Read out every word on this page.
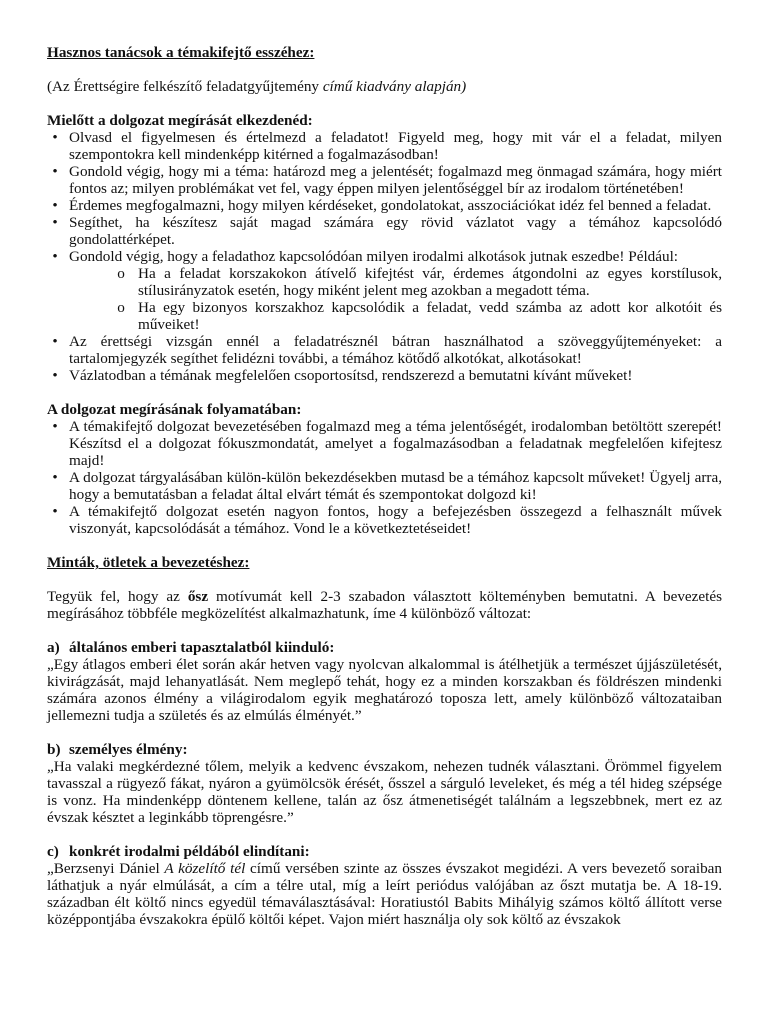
Hasznos tanácsok a témakifejtő esszéhez:

(Az Érettségire felkészítő feladatgyűjtemény című kiadvány alapján)

Mielőtt a dolgozat megírását elkezdenéd:

• Olvasd el figyelmesen és értelmezd a feladatot! Figyeld meg, hogy mit vár el a feladat, milyen szempontokra kell mindenképp kitérned a fogalmazásodban!
• Gondold végig, hogy mi a téma: határozd meg a jelentését; fogalmazd meg önmagad számára, hogy miért fontos az; milyen problémákat vet fel, vagy éppen milyen jelentőséggel bír az irodalom történetében!
• Érdemes megfogalmazni, hogy milyen kérdéseket, gondolatokat, asszociációkat idéz fel benned a feladat.
• Segíthet, ha készítesz saját magad számára egy rövid vázlatot vagy a témához kapcsolódó gondolattérképet.
• Gondold végig, hogy a feladathoz kapcsolódóan milyen irodalmi alkotások jutnak eszedbe! Például:
o Ha a feladat korszakokon átívelő kifejtést vár, érdemes átgondolni az egyes korstílusok, stílusirányzatok esetén, hogy miként jelent meg azokban a megadott téma.
o Ha egy bizonyos korszakhoz kapcsolódik a feladat, vedd számba az adott kor alkotóit és műveiket!
• Az érettségi vizsgán ennél a feladatrésznél bátran használhatod a szöveggyűjteményeket: a tartalomjegyzék segíthet felidézni további, a témához kötődő alkotókat, alkotásokat!
• Vázlatodban a témának megfelelően csoportosítsd, rendszerezd a bemutatni kívánt műveket!

A dolgozat megírásának folyamatában:

• A témakifejtő dolgozat bevezetésében fogalmazd meg a téma jelentőségét, irodalomban betöltött szerepét! Készítsd el a dolgozat fókuszmondatát, amelyet a fogalmazásodban a feladatnak megfelelően kifejtesz majd!
• A dolgozat tárgyalásában külön-külön bekezdésekben mutasd be a témához kapcsolt műveket! Ügyelj arra, hogy a bemutatásban a feladat által elvárt témát és szempontokat dolgozd ki!
• A témakifejtő dolgozat esetén nagyon fontos, hogy a befejezésben összegezd a felhasznált művek viszonyát, kapcsolódását a témához. Vond le a következtetéseidet!

Minták, ötletek a bevezetéshez:

Tegyük fel, hogy az ősz motívumát kell 2-3 szabadon választott költeményben bemutatni. A bevezetés megírásához többféle megközelítést alkalmazhatunk, íme 4 különböző változat:

a) általános emberi tapasztalatból kiinduló:

„Egy átlagos emberi élet során akár hetven vagy nyolcvan alkalommal is átélhetjük a természet újjászületését, kivirágzását, majd lehanyatlását. Nem meglepő tehát, hogy ez a minden korszakban és földrészen mindenki számára azonos élmény a világirodalom egyik meghatározó toposza lett, amely különböző változataiban jellemezni tudja a születés és az elmúlás élményét.”

b) személyes élmény:

„Ha valaki megkérdezné tőlem, melyik a kedvenc évszakom, nehezen tudnék választani. Örömmel figyelem tavasszal a rügyező fákat, nyáron a gyümölcsök érését, ősszel a sárguló leveleket, és még a tél hideg szépsége is vonz. Ha mindenképp döntenem kellene, talán az ősz átmenetiségét találnám a legszebbnek, mert ez az évszak késztet a leginkább töprengésre.”

c) konkrét irodalmi példából elindítani:

„Berzsenyi Dániel A közelítő tél című versében szinte az összes évszakot megidézi. A vers bevezető soraiban láthatjuk a nyár elmúlását, a cím a télre utal, míg a leírt periódus valójában az őszt mutatja be. A 18-19. században élt költő nincs egyedül témaválasztásával: Horatiustól Babits Mihályig számos költő állított verse középpontjába évszakokra épülő költői képet. Vajon miért használja oly sok költő az évszakok
